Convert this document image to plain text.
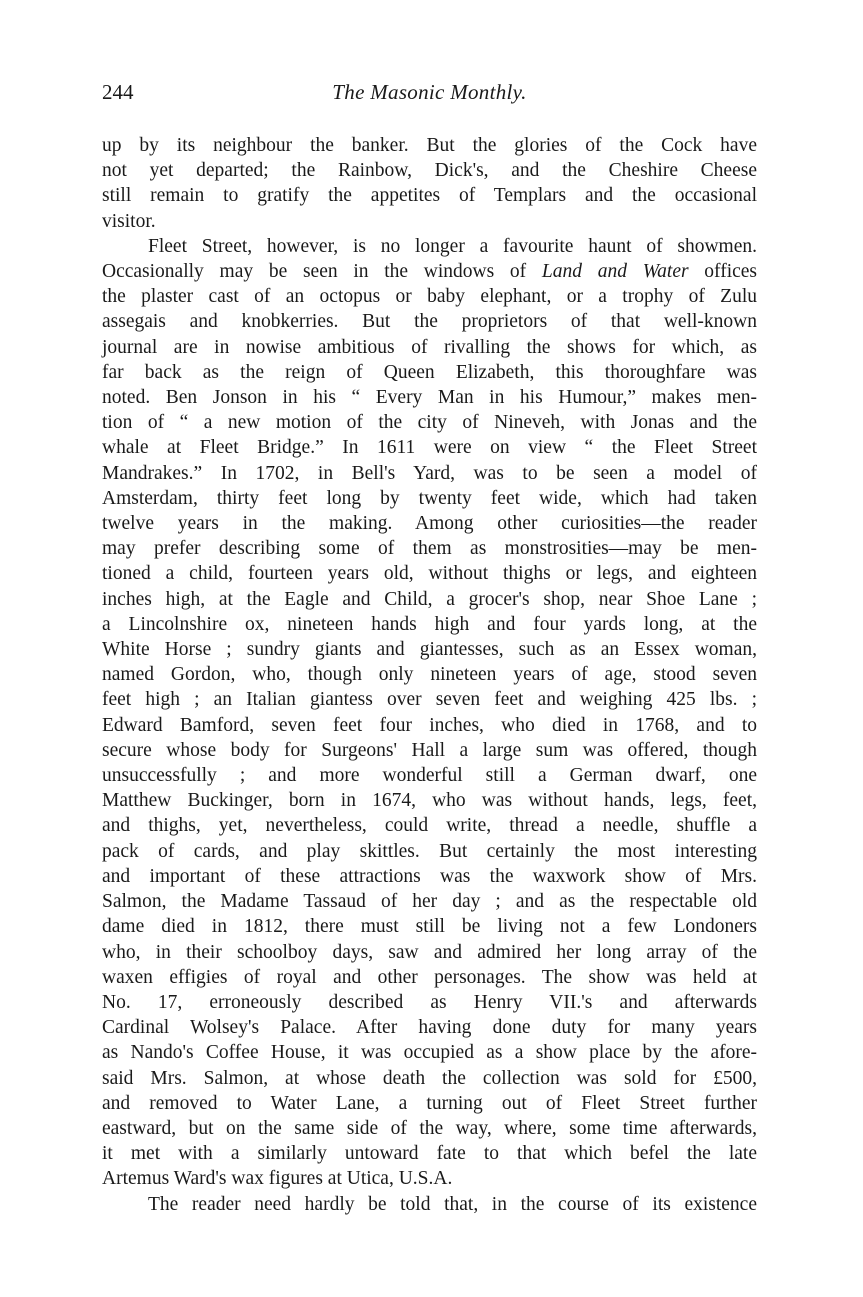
244	The Masonic Monthly.

up by its neighbour the banker. But the glories of the Cock have
not yet departed; the Rainbow, Dick's, and the Cheshire Cheese
still remain to gratify the appetites of Templars and the occasional
visitor.

Fleet Street, however, is no longer a favourite haunt of showmen.
Occasionally may be seen in the windows of Land and Water offices
the plaster cast of an octopus or baby elephant, or a trophy of Zulu
assegais and knobkerries. But the proprietors of that well-known
journal are in nowise ambitious of rivalling the shows for which, as
far back as the reign of Queen Elizabeth, this thoroughfare was
noted. Ben Jonson in his “ Every Man in his Humour,” makes men-
tion of “ a new motion of the city of Nineveh, with Jonas and the
whale at Fleet Bridge.” In 1611 were on view “ the Fleet Street
Mandrakes.” In 1702, in Bell's Yard, was to be seen a model of
Amsterdam, thirty feet long by twenty feet wide, which had taken
twelve years in the making. Among other curiosities—the reader
may prefer describing some of them as monstrosities—may be men-
tioned a child, fourteen years old, without thighs or legs, and eighteen
inches high, at the Eagle and Child, a grocer's shop, near Shoe Lane ;
a Lincolnshire ox, nineteen hands high and four yards long, at the
White Horse ; sundry giants and giantesses, such as an Essex woman,
named Gordon, who, though only nineteen years of age, stood seven
feet high ; an Italian giantess over seven feet and weighing 425 lbs. ;
Edward Bamford, seven feet four inches, who died in 1768, and to
secure whose body for Surgeons' Hall a large sum was offered, though
unsuccessfully ; and more wonderful still a German dwarf, one
Matthew Buckinger, born in 1674, who was without hands, legs, feet,
and thighs, yet, nevertheless, could write, thread a needle, shuffle a
pack of cards, and play skittles. But certainly the most interesting
and important of these attractions was the waxwork show of Mrs.
Salmon, the Madame Tassaud of her day ; and as the respectable old
dame died in 1812, there must still be living not a few Londoners
who, in their schoolboy days, saw and admired her long array of the
waxen effigies of royal and other personages. The show was held at
No. 17, erroneously described as Henry VII.'s and afterwards
Cardinal Wolsey's Palace. After having done duty for many years
as Nando's Coffee House, it was occupied as a show place by the afore-
said Mrs. Salmon, at whose death the collection was sold for £500,
and removed to Water Lane, a turning out of Fleet Street further
eastward, but on the same side of the way, where, some time afterwards,
it met with a similarly untoward fate to that which befel the late
Artemus Ward's wax figures at Utica, U.S.A.

The reader need hardly be told that, in the course of its existence
